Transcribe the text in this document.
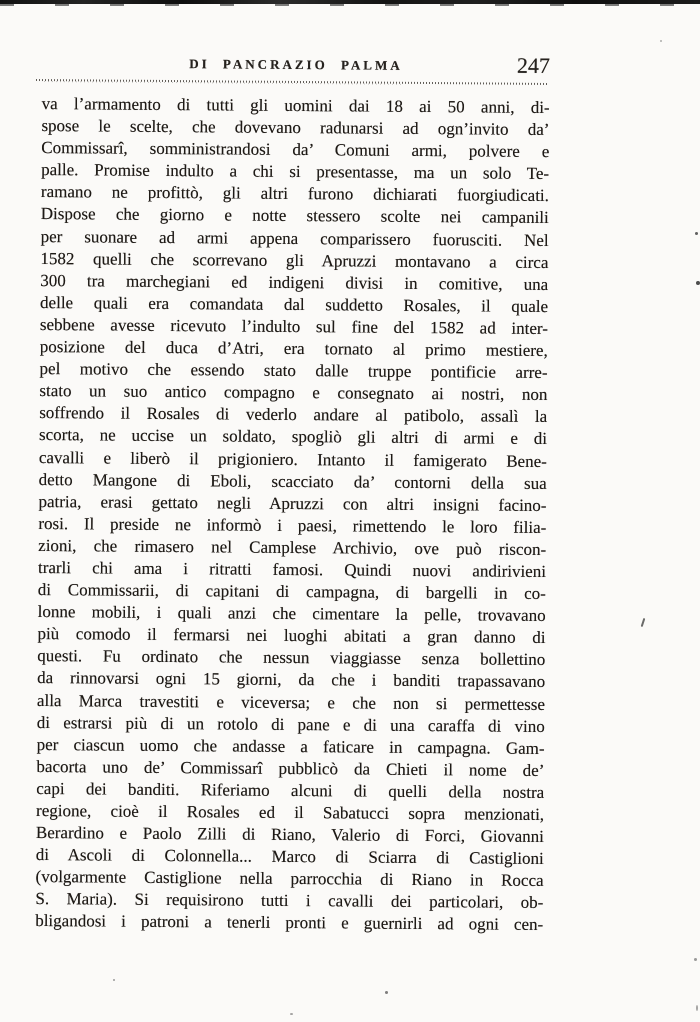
DI PANCRAZIO PALMA	247
va l’armamento di tutti gli uomini dai 18 ai 50 anni, di-
spose le scelte, che dovevano radunarsi ad ogn’invito da’
Commissarî, somministrandosi da’ Comuni armi, polvere e
palle. Promise indulto a chi si presentasse, ma un solo Te-
ramano ne profittò, gli altri furono dichiarati fuorgiudicati.
Dispose che giorno e notte stessero scolte nei campanili
per suonare ad armi appena comparissero fuorusciti. Nel
1582 quelli che scorrevano gli Apruzzi montavano a circa
300 tra marchegiani ed indigeni divisi in comitive, una
delle quali era comandata dal suddetto Rosales, il quale
sebbene avesse ricevuto l’indulto sul fine del 1582 ad inter-
posizione del duca d’Atri, era tornato al primo mestiere,
pel motivo che essendo stato dalle truppe pontificie arre-
stato un suo antico compagno e consegnato ai nostri, non
soffrendo il Rosales di vederlo andare al patibolo, assalì la
scorta, ne uccise un soldato, spogliò gli altri di armi e di
cavalli e liberò il prigioniero. Intanto il famigerato Bene-
detto Mangone di Eboli, scacciato da’ contorni della sua
patria, erasi gettato negli Apruzzi con altri insigni facino-
rosi. Il preside ne informò i paesi, rimettendo le loro filia-
zioni, che rimasero nel Camplese Archivio, ove può riscon-
trarli chi ama i ritratti famosi. Quindi nuovi andirivieni
di Commissarii, di capitani di campagna, di bargelli in co-
lonne mobili, i quali anzi che cimentare la pelle, trovavano
più comodo il fermarsi nei luoghi abitati a gran danno di
questi. Fu ordinato che nessun viaggiasse senza bollettino
da rinnovarsi ogni 15 giorni, da che i banditi trapassavano
alla Marca travestiti e viceversa; e che non si permettesse
di estrarsi più di un rotolo di pane e di una caraffa di vino
per ciascun uomo che andasse a faticare in campagna. Gam-
bacorta uno de’ Commissarî pubblicò da Chieti il nome de’
capi dei banditi. Riferiamo alcuni di quelli della nostra
regione, cioè il Rosales ed il Sabatucci sopra menzionati,
Berardino e Paolo Zilli di Riano, Valerio di Forci, Giovanni
di Ascoli di Colonnella... Marco di Sciarra di Castiglioni
(volgarmente Castiglione nella parrocchia di Riano in Rocca
S. Maria). Si requisirono tutti i cavalli dei particolari, ob-
bligandosi i patroni a tenerli pronti e guernirli ad ogni cen-
